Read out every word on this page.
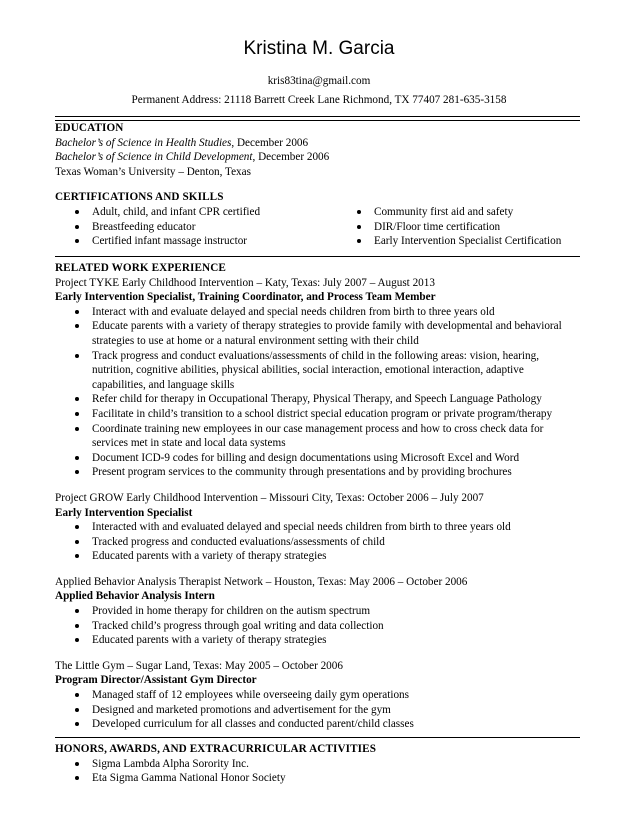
Kristina M. Garcia
kris83tina@gmail.com
Permanent Address: 21118 Barrett Creek Lane Richmond, TX 77407 281-635-3158

EDUCATION

Bachelor’s of Science in Health Studies, December 2006

Bachelor’s of Science in Child Development, December 2006

Texas Woman’s University – Denton, Texas

CERTIFICATIONS AND SKILLS

Adult, child, and infant CPR certified
Breastfeeding educator
Certified infant massage instructor
Community first aid and safety
DIR/Floor time certification
Early Intervention Specialist Certification

RELATED WORK EXPERIENCE

Project TYKE Early Childhood Intervention – Katy, Texas: July 2007 – August 2013

Early Intervention Specialist, Training Coordinator, and Process Team Member

Interact with and evaluate delayed and special needs children from birth to three years old
Educate parents with a variety of therapy strategies to provide family with developmental and behavioral strategies to use at home or a natural environment setting with their child
Track progress and conduct evaluations/assessments of child in the following areas: vision, hearing, nutrition, cognitive abilities, physical abilities, social interaction, emotional interaction, adaptive capabilities, and language skills
Refer child for therapy in Occupational Therapy, Physical Therapy, and Speech Language Pathology
Facilitate in child’s transition to a school district special education program or private program/therapy
Coordinate training new employees in our case management process and how to cross check data for services met in state and local data systems
Document ICD-9 codes for billing and design documentations using Microsoft Excel and Word
Present program services to the community through presentations and by providing brochures

Project GROW Early Childhood Intervention – Missouri City, Texas: October 2006 – July 2007

Early Intervention Specialist

Interacted with and evaluated delayed and special needs children from birth to three years old
Tracked progress and conducted evaluations/assessments of child
Educated parents with a variety of therapy strategies

Applied Behavior Analysis Therapist Network – Houston, Texas: May 2006 – October 2006

Applied Behavior Analysis Intern

Provided in home therapy for children on the autism spectrum
Tracked child’s progress through goal writing and data collection
Educated parents with a variety of therapy strategies

The Little Gym – Sugar Land, Texas: May 2005 – October 2006

Program Director/Assistant Gym Director

Managed staff of 12 employees while overseeing daily gym operations
Designed and marketed promotions and advertisement for the gym
Developed curriculum for all classes and conducted parent/child classes

HONORS, AWARDS, AND EXTRACURRICULAR ACTIVITIES

Sigma Lambda Alpha Sorority Inc.
Eta Sigma Gamma National Honor Society
